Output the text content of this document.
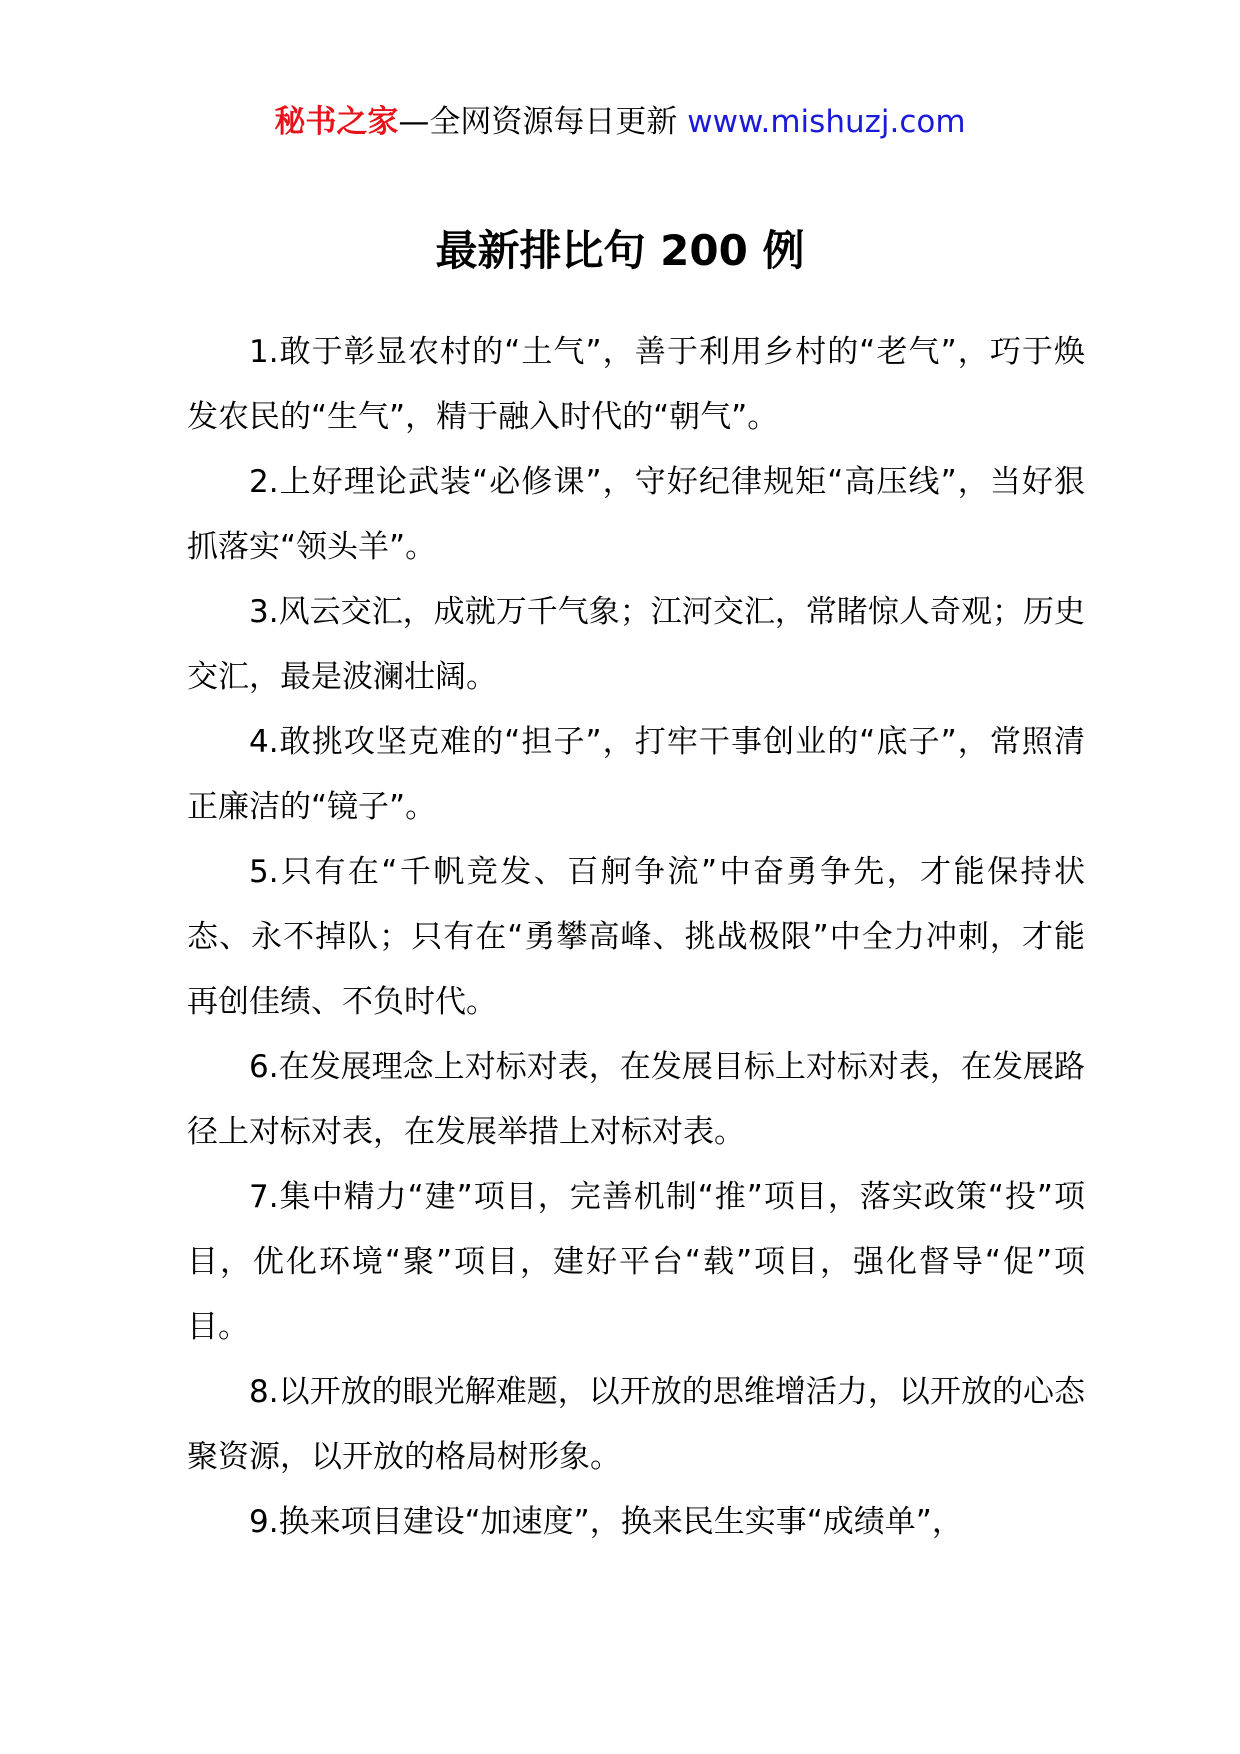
秘书之家—全网资源每日更新 www.mishuzj.com
最新排比句 200 例

1.敢于彰显农村的“土气”，善于利用乡村的“老气”，巧于焕发农民的“生气”，精于融入时代的“朝气”。

2.上好理论武装“必修课”，守好纪律规矩“高压线”，当好狠抓落实“领头羊”。

3.风云交汇，成就万千气象；江河交汇，常睹惊人奇观；历史交汇，最是波澜壮阔。

4.敢挑攻坚克难的“担子”，打牢干事创业的“底子”，常照清正廉洁的“镜子”。

5.只有在“千帆竞发、百舸争流”中奋勇争先，才能保持状态、永不掉队；只有在“勇攀高峰、挑战极限”中全力冲刺，才能再创佳绩、不负时代。

6.在发展理念上对标对表，在发展目标上对标对表，在发展路径上对标对表，在发展举措上对标对表。

7.集中精力“建”项目，完善机制“推”项目，落实政策“投”项目，优化环境“聚”项目，建好平台“载”项目，强化督导“促”项目。

8.以开放的眼光解难题，以开放的思维增活力，以开放的心态聚资源，以开放的格局树形象。

9.换来项目建设“加速度”，换来民生实事“成绩单”，
